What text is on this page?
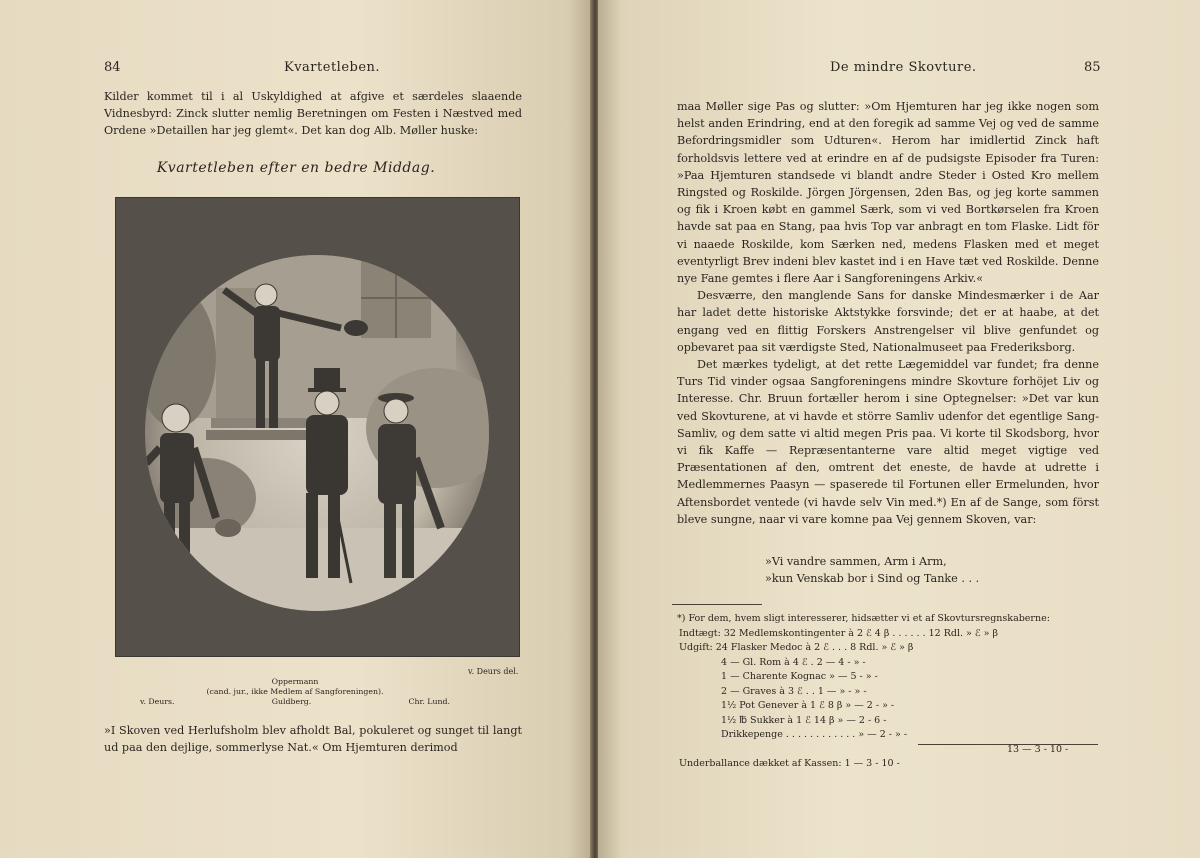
84	Kvartetleben.

Kilder kommet til i al Uskyldighed at afgive et særdeles slaaende Vidnesbyrd: Zinck slutter nemlig Beretningen om Festen i Næstved med Ordene »Detaillen har jeg glemt«. Det kan dog Alb. Møller huske:

Kvartetleben efter en bedre Middag.
v. Deurs del.
Oppermann
(cand. jur., ikke Medlem af Sangforeningen).
v. Deurs.	Guldberg.	Chr. Lund.

»I Skoven ved Herlufsholm blev afholdt Bal, pokuleret og sunget til langt ud paa den dejlige, sommerlyse Nat.« Om Hjemturen derimod

De mindre Skovture.	85

maa Møller sige Pas og slutter: »Om Hjemturen har jeg ikke nogen som helst anden Erindring, end at den foregik ad samme Vej og ved de samme Befordringsmidler som Udturen«. Herom har imidlertid Zinck haft forholdsvis lettere ved at erindre en af de pudsigste Episoder fra Turen: »Paa Hjemturen standsede vi blandt andre Steder i Osted Kro mellem Ringsted og Roskilde. Jörgen Jörgensen, 2den Bas, og jeg korte sammen og fik i Kroen købt en gammel Særk, som vi ved Bortkørselen fra Kroen havde sat paa en Stang, paa hvis Top var anbragt en tom Flaske. Lidt för vi naaede Roskilde, kom Særken ned, medens Flasken med et meget eventyrligt Brev indeni blev kastet ind i en Have tæt ved Roskilde. Denne nye Fane gemtes i flere Aar i Sangforeningens Arkiv.«

Desværre, den manglende Sans for danske Mindesmærker i de Aar har ladet dette historiske Aktstykke forsvinde; det er at haabe, at det engang ved en flittig Forskers Anstrengelser vil blive genfundet og opbevaret paa sit værdigste Sted, Nationalmuseet paa Frederiksborg.

Det mærkes tydeligt, at det rette Lægemiddel var fundet; fra denne Turs Tid vinder ogsaa Sangforeningens mindre Skovture forhöjet Liv og Interesse. Chr. Bruun fortæller herom i sine Optegnelser: »Det var kun ved Skovturene, at vi havde et större Samliv udenfor det egentlige Sang-Samliv, og dem satte vi altid megen Pris paa. Vi korte til Skodsborg, hvor vi fik Kaffe — Repræsentanterne vare altid meget vigtige ved Præsentationen af den, omtrent det eneste, de havde at udrette i Medlemmernes Paasyn — spaserede til Fortunen eller Ermelunden, hvor Aftensbordet ventede (vi havde selv Vin med.*) En af de Sange, som först bleve sungne, naar vi vare komne paa Vej gennem Skoven, var:

»Vi vandre sammen, Arm i Arm,
»kun Venskab bor i Sind og Tanke . . .
*) For dem, hvem sligt interesserer, hidsætter vi et af Skovtursregnskaberne:
Indtægt: 32 Medlemskontingenter à 2 ℰ 4 β . . . . . . 12 Rdl. » ℰ » β
Udgift: 24 Flasker Medoc à 2 ℰ . . . 8 Rdl. » ℰ » β
4 — Gl. Rom à 4 ℰ . 2 — 4 - » -
1 — Charente Kognac » — 5 - » -
2 — Graves à 3 ℰ . . 1 — » - » -
1½ Pot Genever à 1 ℰ 8 β » — 2 - » -
1½ ℔ Sukker à 1 ℰ 14 β » — 2 - 6 -
Drikkepenge . . . . . . . . . . . . » — 2 - » -
13 — 3 - 10 -
Underballance dækket af Kassen: 1 — 3 - 10 -
